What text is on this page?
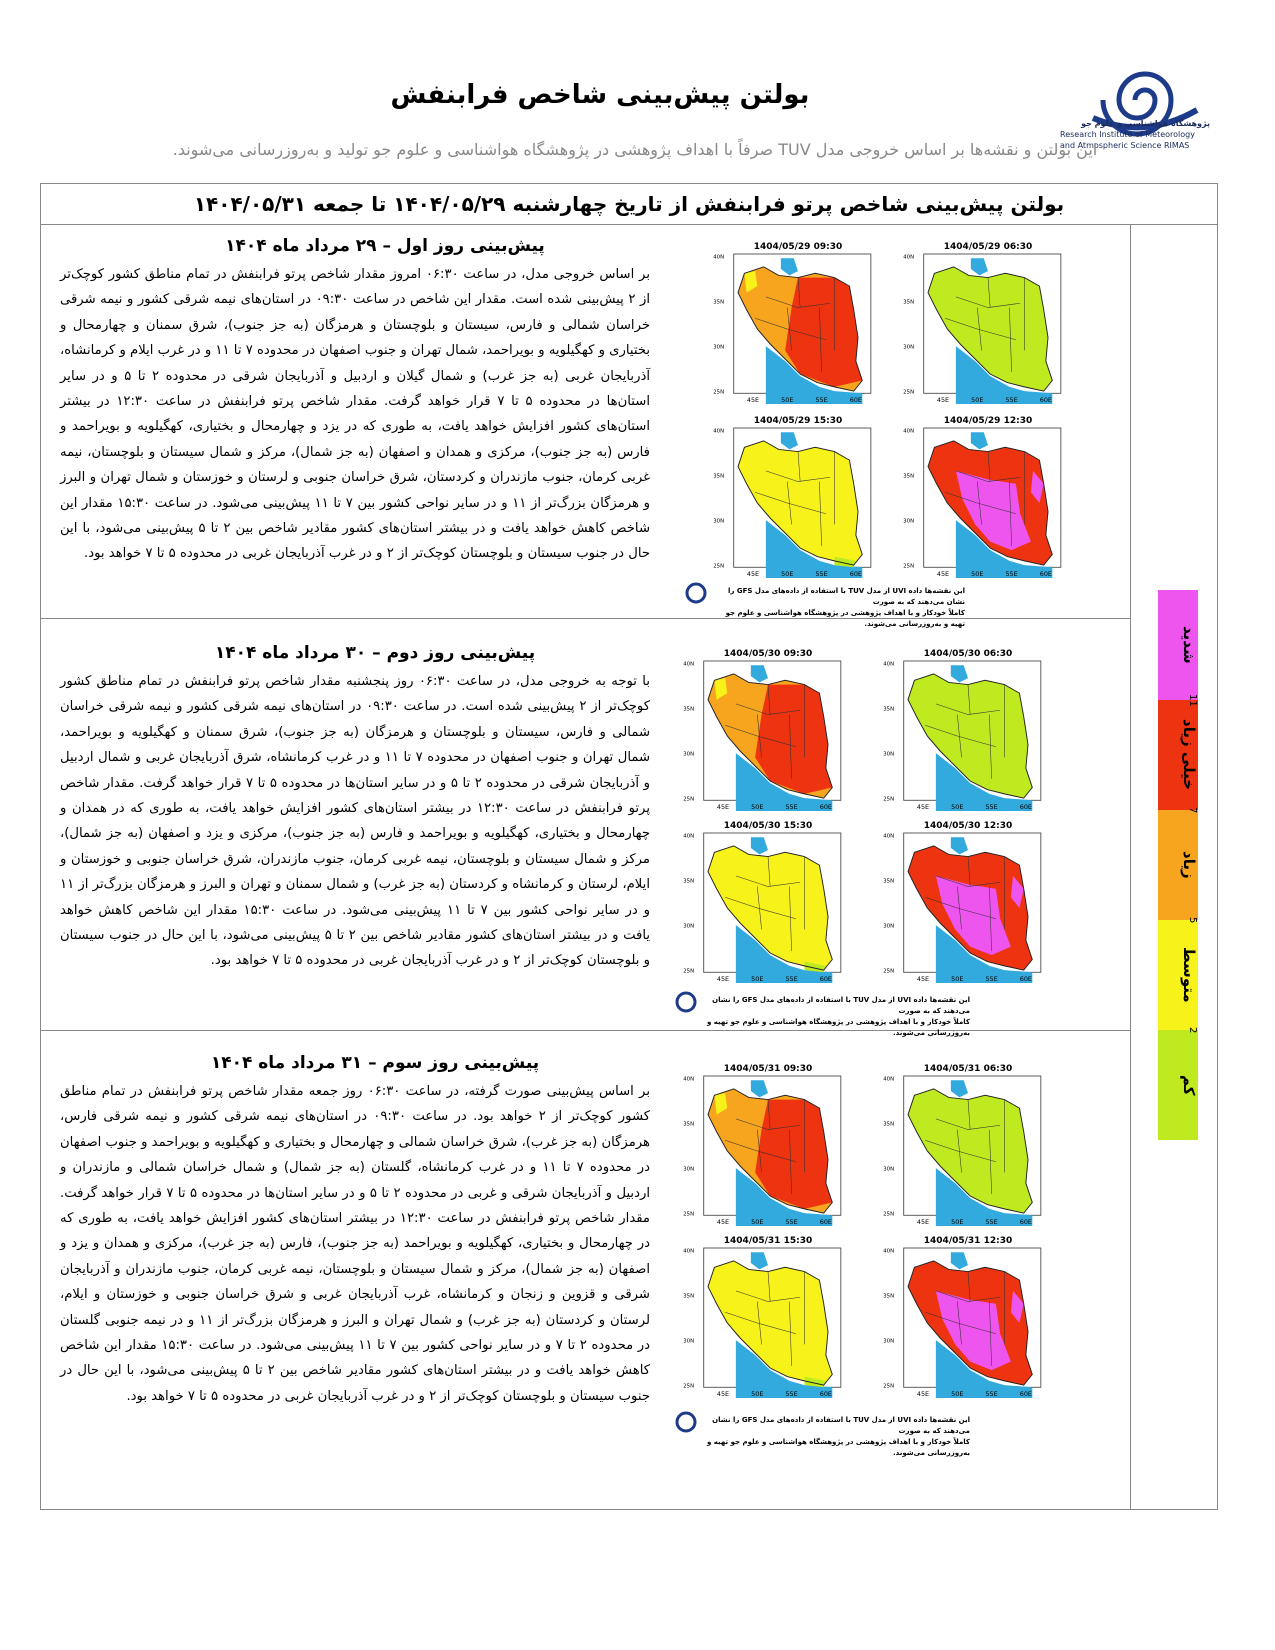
پژوهشگاه هواشناسی و علوم جو
Research Institute of Meteorology
and Atmospheric Science RIMAS
بولتن پیش‌بینی شاخص فرابنفش
این بولتن و نقشه‌ها بر اساس خروجی مدل TUV صرفاً با اهداف پژوهشی در پژوهشگاه هواشناسی و علوم جو تولید و به‌روزرسانی می‌شوند.
بولتن پیش‌بینی شاخص پرتو فرابنفش از تاریخ چهارشنبه ۱۴۰۴/۰۵/۲۹ تا جمعه ۱۴۰۴/۰۵/۳۱
پیش‌بینی روز اول – ۲۹ مرداد ماه ۱۴۰۴
بر اساس خروجی مدل، در ساعت ۰۶:۳۰ امروز مقدار شاخص پرتو فرابنفش در تمام مناطق کشور کوچک‌تر از ۲ پیش‌بینی شده است. مقدار این شاخص در ساعت ۰۹:۳۰ در استان‌های نیمه شرقی کشور و نیمه شرقی خراسان شمالی و فارس، سیستان و بلوچستان و هرمزگان (به جز جنوب)، شرق سمنان و چهارمحال و بختیاری و کهگیلویه و بویراحمد، شمال تهران و جنوب اصفهان در محدوده ۷ تا ۱۱ و در غرب ایلام و کرمانشاه، آذربایجان غربی (به جز غرب) و شمال گیلان و اردبیل و آذربایجان شرقی در محدوده ۲ تا ۵ و در سایر استان‌ها در محدوده ۵ تا ۷ قرار خواهد گرفت. مقدار شاخص پرتو فرابنفش در ساعت ۱۲:۳۰ در بیشتر استان‌های کشور افزایش خواهد یافت، به طوری که در یزد و چهارمحال و بختیاری، کهگیلویه و بویراحمد و فارس (به جز جنوب)، مرکزی و همدان و اصفهان (به جز شمال)، مرکز و شمال سیستان و بلوچستان، نیمه غربی کرمان، جنوب مازندران و کردستان، شرق خراسان جنوبی و لرستان و خوزستان و شمال تهران و البرز و هرمزگان بزرگ‌تر از ۱۱ و در سایر نواحی کشور بین ۷ تا ۱۱ پیش‌بینی می‌شود. در ساعت ۱۵:۳۰ مقدار این شاخص کاهش خواهد یافت و در بیشتر استان‌های کشور مقادیر شاخص بین ۲ تا ۵ پیش‌بینی می‌شود، با این حال در جنوب سیستان و بلوچستان کوچک‌تر از ۲ و در غرب آذربایجان غربی در محدوده ۵ تا ۷ خواهد بود.
پیش‌بینی روز دوم – ۳۰ مرداد ماه ۱۴۰۴
با توجه به خروجی مدل، در ساعت ۰۶:۳۰ روز پنجشنبه مقدار شاخص پرتو فرابنفش در تمام مناطق کشور کوچک‌تر از ۲ پیش‌بینی شده است. در ساعت ۰۹:۳۰ در استان‌های نیمه شرقی کشور و نیمه شرقی خراسان شمالی و فارس، سیستان و بلوچستان و هرمزگان (به جز جنوب)، شرق سمنان و کهگیلویه و بویراحمد، شمال تهران و جنوب اصفهان در محدوده ۷ تا ۱۱ و در غرب کرمانشاه، شرق آذربایجان غربی و شمال اردبیل و آذربایجان شرقی در محدوده ۲ تا ۵ و در سایر استان‌ها در محدوده ۵ تا ۷ قرار خواهد گرفت. مقدار شاخص پرتو فرابنفش در ساعت ۱۲:۳۰ در بیشتر استان‌های کشور افزایش خواهد یافت، به طوری که در همدان و چهارمحال و بختیاری، کهگیلویه و بویراحمد و فارس (به جز جنوب)، مرکزی و یزد و اصفهان (به جز شمال)، مرکز و شمال سیستان و بلوچستان، نیمه غربی کرمان، جنوب مازندران، شرق خراسان جنوبی و خوزستان و ایلام، لرستان و کرمانشاه و کردستان (به جز غرب) و شمال سمنان و تهران و البرز و هرمزگان بزرگ‌تر از ۱۱ و در سایر نواحی کشور بین ۷ تا ۱۱ پیش‌بینی می‌شود. در ساعت ۱۵:۳۰ مقدار این شاخص کاهش خواهد یافت و در بیشتر استان‌های کشور مقادیر شاخص بین ۲ تا ۵ پیش‌بینی می‌شود، با این حال در جنوب سیستان و بلوچستان کوچک‌تر از ۲ و در غرب آذربایجان غربی در محدوده ۵ تا ۷ خواهد بود.
پیش‌بینی روز سوم – ۳۱ مرداد ماه ۱۴۰۴
بر اساس پیش‌بینی صورت گرفته، در ساعت ۰۶:۳۰ روز جمعه مقدار شاخص پرتو فرابنفش در تمام مناطق کشور کوچک‌تر از ۲ خواهد بود. در ساعت ۰۹:۳۰ در استان‌های نیمه شرقی کشور و نیمه شرقی فارس، هرمزگان (به جز غرب)، شرق خراسان شمالی و چهارمحال و بختیاری و کهگیلویه و بویراحمد و جنوب اصفهان در محدوده ۷ تا ۱۱ و در غرب کرمانشاه، گلستان (به جز شمال) و شمال خراسان شمالی و مازندران و اردبیل و آذربایجان شرقی و غربی در محدوده ۲ تا ۵ و در سایر استان‌ها در محدوده ۵ تا ۷ قرار خواهد گرفت. مقدار شاخص پرتو فرابنفش در ساعت ۱۲:۳۰ در بیشتر استان‌های کشور افزایش خواهد یافت، به طوری که در چهارمحال و بختیاری، کهگیلویه و بویراحمد (به جز جنوب)، فارس (به جز غرب)، مرکزی و همدان و یزد و اصفهان (به جز شمال)، مرکز و شمال سیستان و بلوچستان، نیمه غربی کرمان، جنوب مازندران و آذربایجان شرقی و قزوین و زنجان و کرمانشاه، غرب آذربایجان غربی و شرق خراسان جنوبی و خوزستان و ایلام، لرستان و کردستان (به جز غرب) و شمال تهران و البرز و هرمزگان بزرگ‌تر از ۱۱ و در نیمه جنوبی گلستان در محدوده ۲ تا ۷ و در سایر نواحی کشور بین ۷ تا ۱۱ پیش‌بینی می‌شود. در ساعت ۱۵:۳۰ مقدار این شاخص کاهش خواهد یافت و در بیشتر استان‌های کشور مقادیر شاخص بین ۲ تا ۵ پیش‌بینی می‌شود، با این حال در جنوب سیستان و بلوچستان کوچک‌تر از ۲ و در غرب آذربایجان غربی در محدوده ۵ تا ۷ خواهد بود.
1404/05/29 06:30
45E	50E	55E	60E
40N
35N
30N
25N
1404/05/29 09:30
45E	50E	55E	60E
40N
35N
30N
25N
1404/05/29 12:30
45E	50E	55E	60E
40N
35N
30N
25N
1404/05/29 15:30
45E	50E	55E	60E
40N
35N
30N
25N
1404/05/30 06:30
45E	50E	55E	60E
40N
35N
30N
25N
1404/05/30 09:30
45E	50E	55E	60E
40N
35N
30N
25N
1404/05/30 12:30
45E	50E	55E	60E
40N
35N
30N
25N
1404/05/30 15:30
45E	50E	55E	60E
40N
35N
30N
25N
1404/05/31 06:30
45E	50E	55E	60E
40N
35N
30N
25N
1404/05/31 09:30
45E	50E	55E	60E
40N
35N
30N
25N
1404/05/31 12:30
45E	50E	55E	60E
40N
35N
30N
25N
1404/05/31 15:30
45E	50E	55E	60E
40N
35N
30N
25N
این نقشه‌ها داده UVI از مدل TUV با استفاده از داده‌های مدل GFS را نشان می‌دهند که به صورت
کاملاً خودکار و با اهداف پژوهشی در پژوهشگاه هواشناسی و علوم جو تهیه و به‌روزرسانی می‌شوند.
این نقشه‌ها داده UVI از مدل TUV با استفاده از داده‌های مدل GFS را نشان می‌دهند که به صورت
کاملاً خودکار و با اهداف پژوهشی در پژوهشگاه هواشناسی و علوم جو تهیه و به‌روزرسانی می‌شوند.
این نقشه‌ها داده UVI از مدل TUV با استفاده از داده‌های مدل GFS را نشان می‌دهند که به صورت
کاملاً خودکار و با اهداف پژوهشی در پژوهشگاه هواشناسی و علوم جو تهیه و به‌روزرسانی می‌شوند.
شدید
خیلی زیاد
زیاد
متوسط
کم
11
7
5
2
